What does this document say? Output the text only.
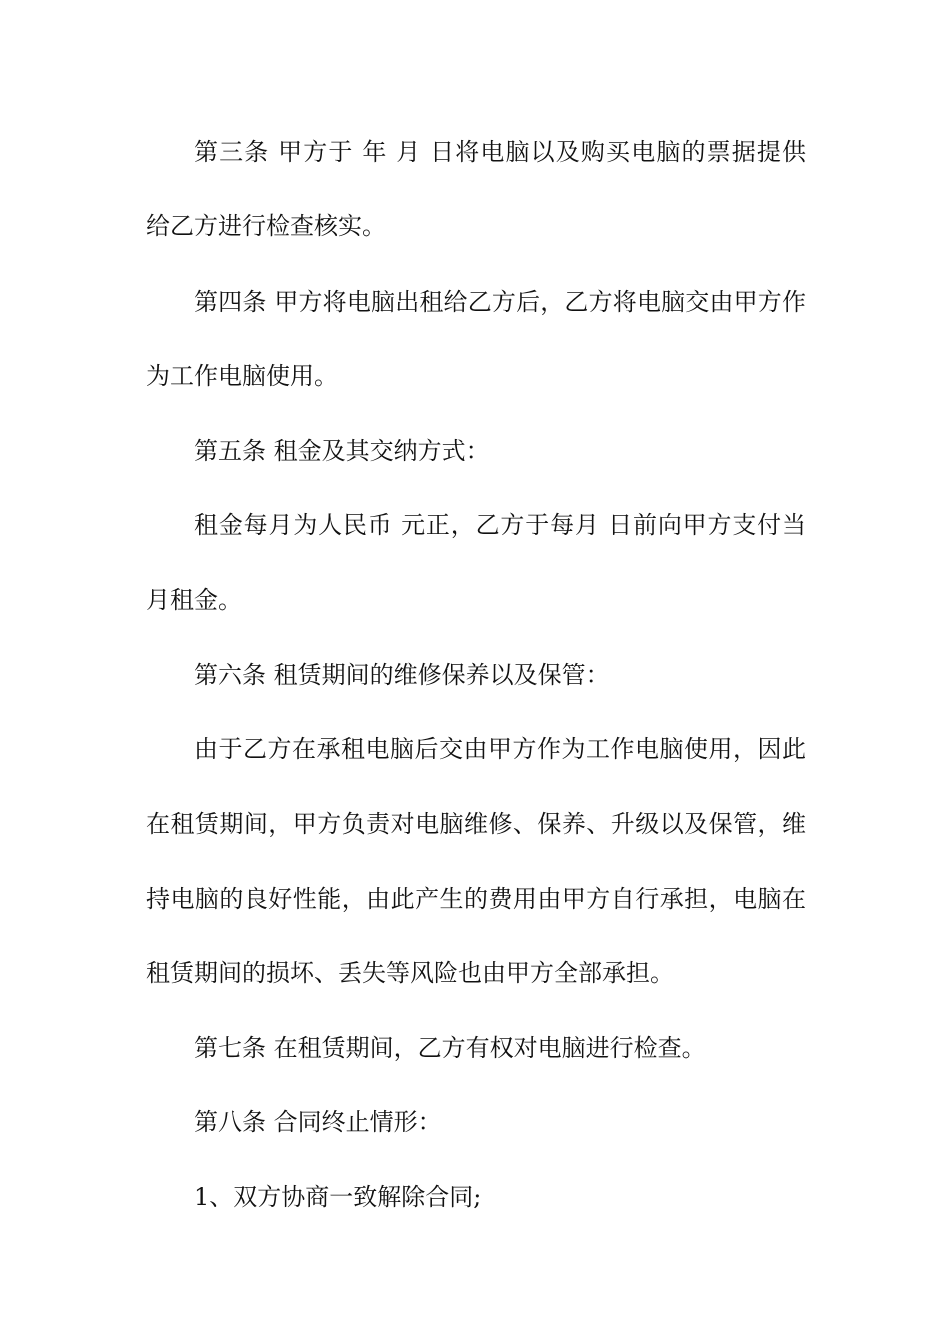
第三条 甲方于 年 月 日将电脑以及购买电脑的票据提供
给乙方进行检查核实。
第四条 甲方将电脑出租给乙方后，乙方将电脑交由甲方作
为工作电脑使用。
第五条 租金及其交纳方式：
租金每月为人民币 元正，乙方于每月 日前向甲方支付当
月租金。
第六条 租赁期间的维修保养以及保管：
由于乙方在承租电脑后交由甲方作为工作电脑使用，因此
在租赁期间，甲方负责对电脑维修、保养、升级以及保管，维
持电脑的良好性能，由此产生的费用由甲方自行承担，电脑在
租赁期间的损坏、丢失等风险也由甲方全部承担。
第七条 在租赁期间，乙方有权对电脑进行检查。
第八条 合同终止情形：
1、双方协商一致解除合同;
